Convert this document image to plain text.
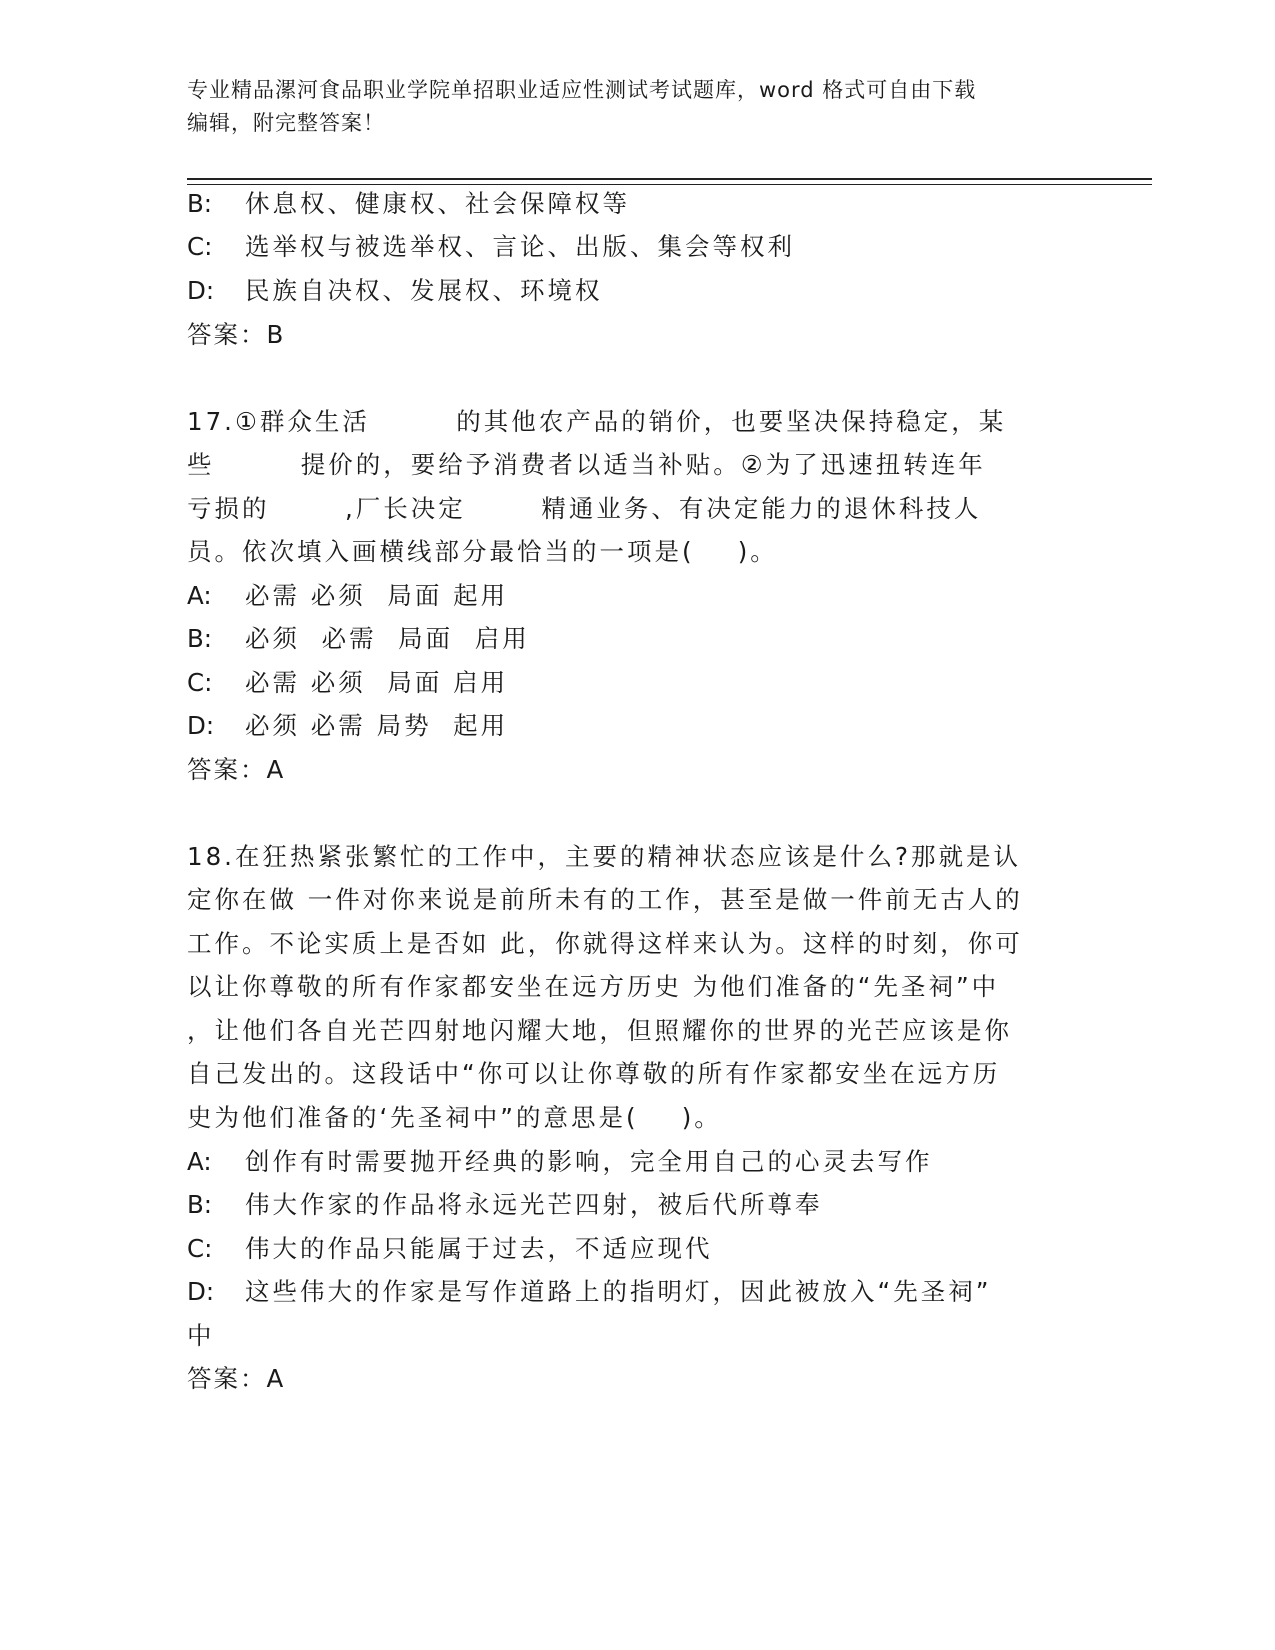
专业精品漯河食品职业学院单招职业适应性测试考试题库，word 格式可自由下载
编辑，附完整答案！
B: 休息权、健康权、社会保障权等
C: 选举权与被选举权、言论、出版、集会等权利
D: 民族自决权、发展权、环境权
答案：B
17.①群众生活        的其他农产品的销价，也要坚决保持稳定，某
些        提价的，要给予消费者以适当补贴。②为了迅速扭转连年
亏损的       ,厂长决定       精通业务、有决定能力的退休科技人
员。依次填入画横线部分最恰当的一项是(    )。
A: 必需 必须  局面 起用
B: 必须  必需  局面  启用
C: 必需 必须  局面 启用
D: 必须 必需 局势  起用
答案：A
18.在狂热紧张繁忙的工作中，主要的精神状态应该是什么?那就是认
定你在做 一件对你来说是前所未有的工作，甚至是做一件前无古人的
工作。不论实质上是否如 此，你就得这样来认为。这样的时刻，你可
以让你尊敬的所有作家都安坐在远方历史 为他们准备的“先圣祠”中
，让他们各自光芒四射地闪耀大地，但照耀你的世界的光芒应该是你
自己发出的。这段话中“你可以让你尊敬的所有作家都安坐在远方历
史为他们准备的‘先圣祠中”的意思是(    )。
A: 创作有时需要抛开经典的影响，完全用自己的心灵去写作
B: 伟大作家的作品将永远光芒四射，被后代所尊奉
C: 伟大的作品只能属于过去，不适应现代
D: 这些伟大的作家是写作道路上的指明灯，因此被放入“先圣祠”
中
答案：A
